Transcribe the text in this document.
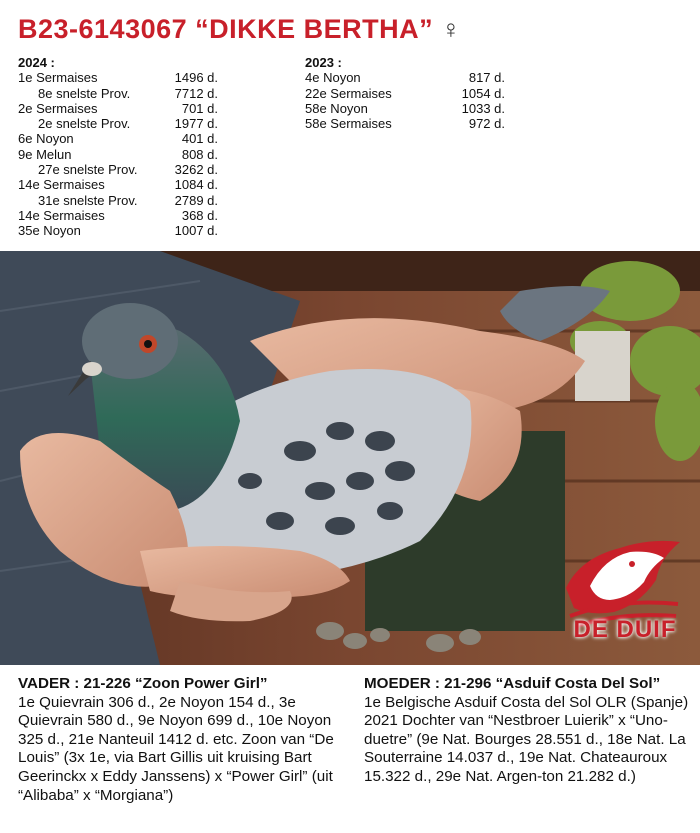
B23-6143067 “DIKKE BERTHA” ♀
2024 :
1e Sermaises	1496 d.
8e snelste Prov.	7712 d.
2e Sermaises	701 d.
2e snelste Prov.	1977 d.
6e Noyon	401 d.
9e Melun	808 d.
27e snelste Prov.	3262 d.
14e Sermaises	1084 d.
31e snelste Prov.	2789 d.
14e Sermaises	368 d.
35e Noyon	1007 d.
2023 :
4e Noyon	817 d.
22e Sermaises	1054 d.
58e Noyon	1033 d.
58e Sermaises	972 d.
DE DUIF
VADER : 21-226 “Zoon Power Girl”
1e Quievrain 306 d., 2e Noyon 154 d., 3e Quievrain 580 d., 9e Noyon 699 d., 10e Noyon 325 d., 21e Nanteuil 1412 d. etc. Zoon van “De Louis” (3x 1e, via Bart Gillis uit kruising Bart Geerinckx x Eddy Janssens) x “Power Girl” (uit “Alibaba” x “Morgiana”)
MOEDER : 21-296 “Asduif Costa Del Sol”
1e Belgische Asduif Costa del Sol OLR (Spanje) 2021 Dochter van “Nestbroer Luierik” x “Uno-duetre” (9e Nat. Bourges 28.551 d., 18e Nat. La Souterraine 14.037 d., 19e Nat. Chateauroux 15.322 d., 29e Nat. Argen-ton 21.282 d.)
